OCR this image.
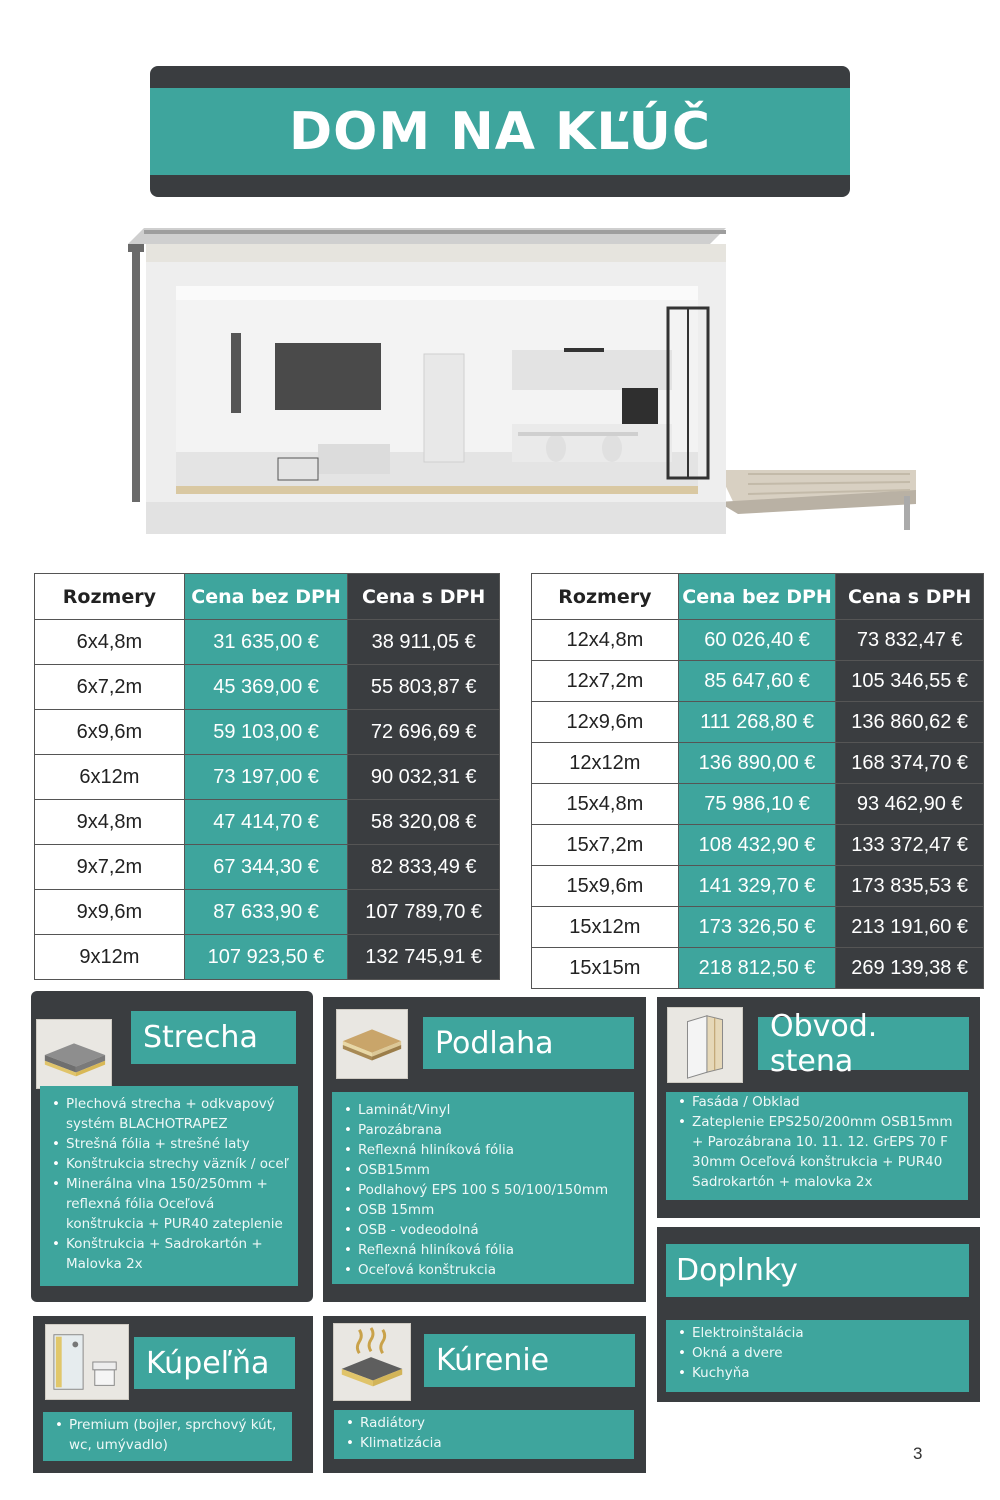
DOM NA KĽÚČ
Rozmery	Cena bez DPH	Cena s DPH
6x4,8m	31 635,00 €	38 911,05 €
6x7,2m	45 369,00 €	55 803,87 €
6x9,6m	59 103,00 €	72 696,69 €
6x12m	73 197,00 €	90 032,31 €
9x4,8m	47 414,70 €	58 320,08 €
9x7,2m	67 344,30 €	82 833,49 €
9x9,6m	87 633,90 €	107 789,70 €
9x12m	107 923,50 €	132 745,91 €
Rozmery	Cena bez DPH	Cena s DPH
12x4,8m	60 026,40 €	73 832,47 €
12x7,2m	85 647,60 €	105 346,55 €
12x9,6m	111 268,80 €	136 860,62 €
12x12m	136 890,00 €	168 374,70 €
15x4,8m	75 986,10 €	93 462,90 €
15x7,2m	108 432,90 €	133 372,47 €
15x9,6m	141 329,70 €	173 835,53 €
15x12m	173 326,50 €	213 191,60 €
15x15m	218 812,50 €	269 139,38 €
Strecha
• Plechová strecha + odkvapový systém BLACHOTRAPEZ
• Strešná fólia + strešné laty
• Konštrukcia strechy väzník / oceľ
• Minerálna vlna 150/250mm + reflexná fólia Oceľová konštrukcia + PUR40 zateplenie
• Konštrukcia + Sadrokartón + Malovka 2x
Podlaha
• Laminát/Vinyl
• Parozábrana
• Reflexná hliníková fólia
• OSB15mm
• Podlahový EPS 100 S 50/100/150mm
• OSB 15mm
• OSB - vodeodolná
• Reflexná hliníková fólia
• Oceľová konštrukcia
Obvod. stena
• Fasáda / Obklad
• Zateplenie EPS250/200mm OSB15mm + Parozábrana 10. 11. 12. GrEPS 70 F 30mm Oceľová konštrukcia + PUR40 Sadrokartón + malovka 2x
Doplnky
• Elektroinštalácia
• Okná a dvere
• Kuchyňa
Kúpeľňa
• Premium (bojler, sprchový kút, wc, umývadlo)
Kúrenie
• Radiátory
• Klimatizácia
3
